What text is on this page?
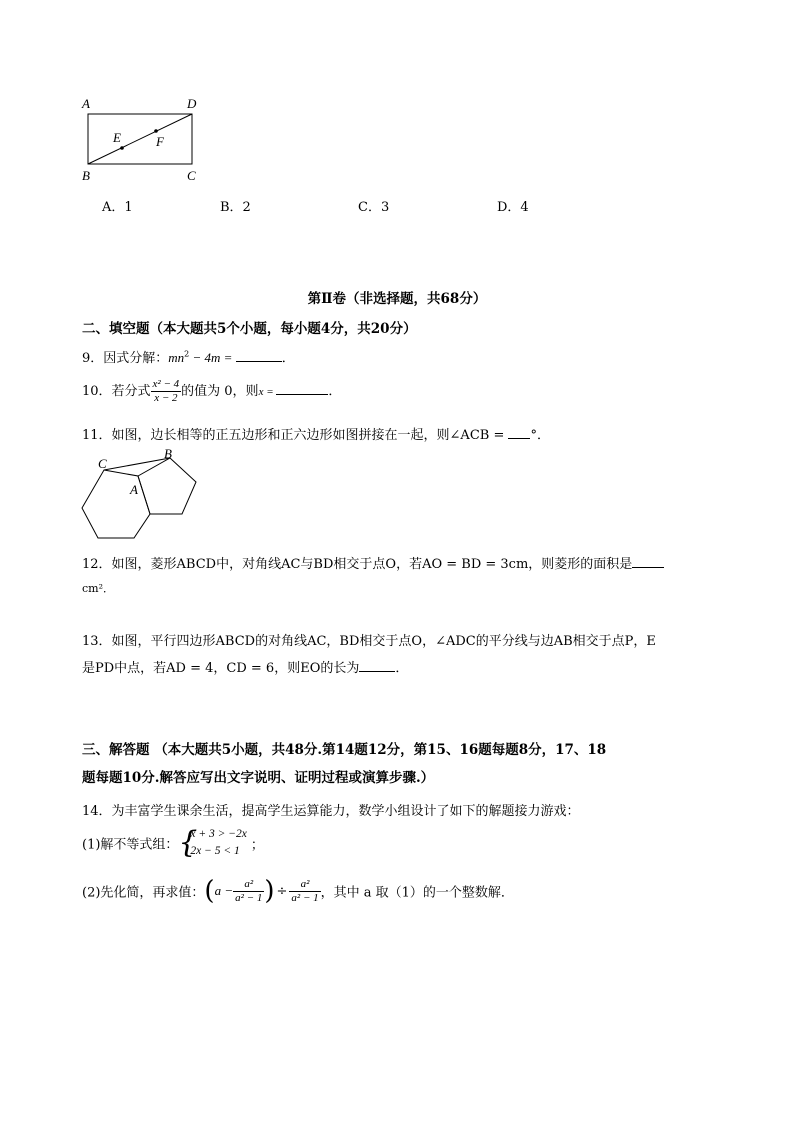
A	D
B	C
E	F
A．1	B．2	C．3	D．4
第Ⅱ卷（非选择题，共68分）
二、填空题（本大题共5个小题，每小题4分，共20分）
9．因式分解：$mn^2 - 4m$ =	．
10．若分式 $\frac{\text{x² − 4}}{x - 2}$ 的值为 0，则x =	．
11．如图，边长相等的正五边形和正六边形如图拼接在一起，则∠ACB = °．
C
B
A
12．如图，菱形ABCD中，对角线AC与BD相交于点O，若AO = BD = 3cm，则菱形的面积是
cm²．
13．如图，平行四边形ABCD的对角线AC，BD相交于点O，∠ADC的平分线与边AB相交于点P，E
是PD中点，若AD = 4，CD = 6，则EO的长为	．
三、解答题 （本大题共5小题，共48分.第14题12分，第15、16题每题8分，17、18
题每题10分.解答应写出文字说明、证明过程或演算步骤.）
14．为丰富学生课余生活，提高学生运算能力，数学小组设计了如下的解题接力游戏：
(1)解不等式组： {
x + 3 > −2x
2x − 5 < 1 ；
(2)先化简，再求值：($a - \frac{\text{a²}}{\text{a² − 1}}$ ) ÷ $\frac{\text{a²}}{\text{a² − 1}}$ ，其中 a 取（1）的一个整数解．
